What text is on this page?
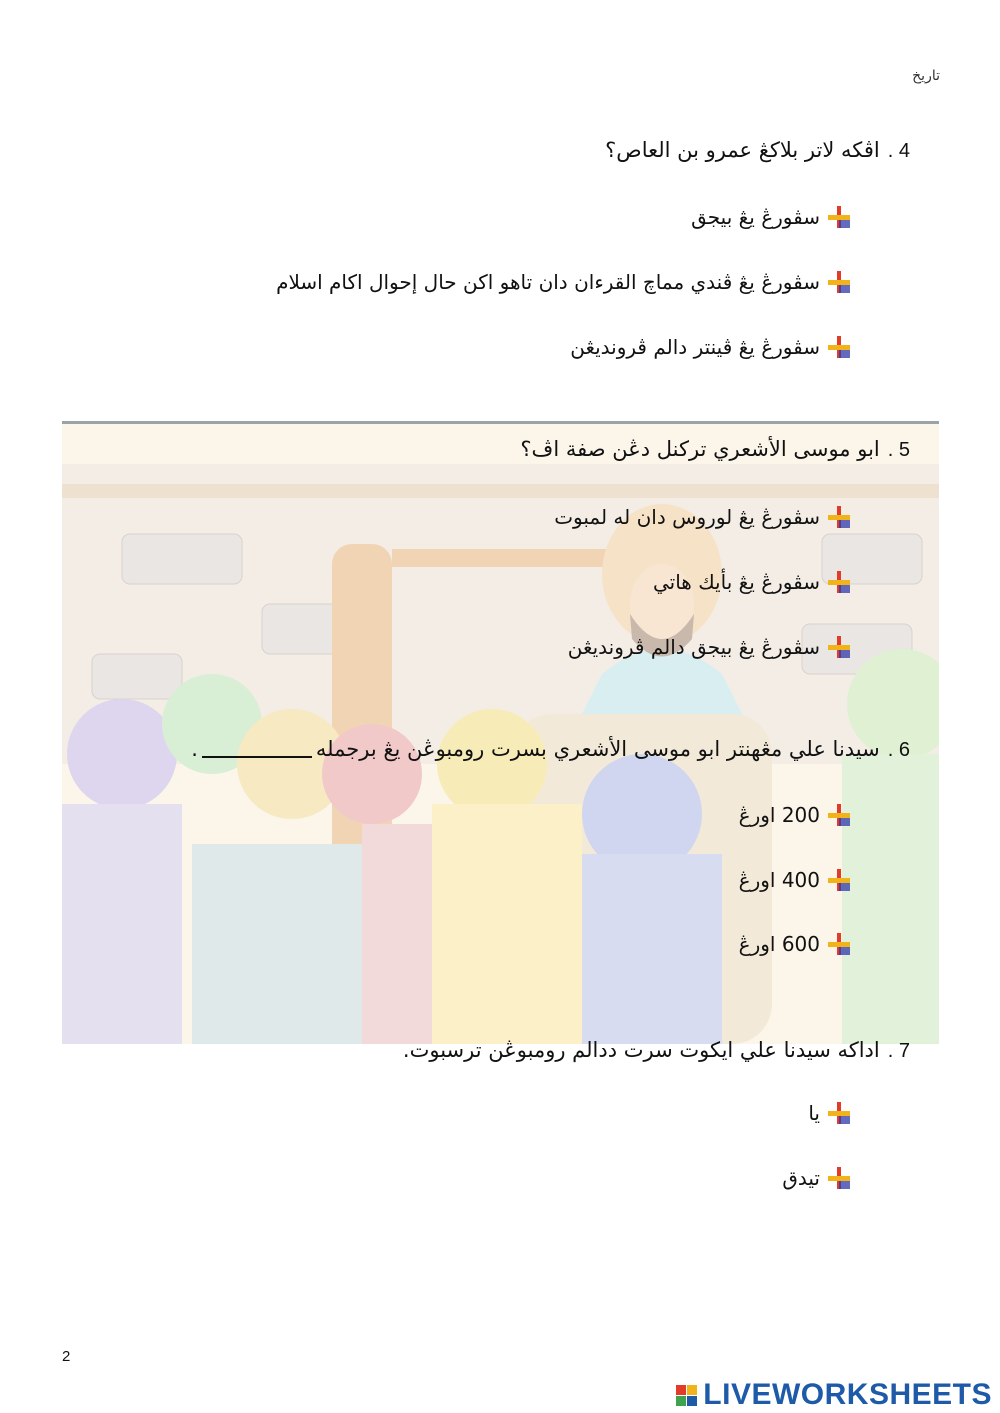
تاريخ
4 .اڤكه لاتر بلاكڠ عمرو بن العاص؟
سڤورڠ يڠ بيجق
سڤورڠ يڠ ڤندي مماچ القرءان دان تاهو اکن حال إحوال اکام اسلام
سڤورڠ يڠ ڤينتر دالم ڤرونديڠن
5 .ابو موسى الأشعري تركنل دڠن صفة اڤ؟
سڤورڠ يڠ لوروس دان له لمبوت
سڤورڠ يڠ بأيك هاتي
سڤورڠ يڠ بيجق دالم ڤرونديڠن
6 .سيدنا علي مڠهنتر ابو موسى الأشعري بسرت رومبوڠن يڠ برجمله.
200 اورڠ
400 اورڠ
600 اورڠ
7 .اداكه سيدنا علي ايکوت سرت ددالم رومبوڠن ترسبوت.
يا
تيدق
2
LIVEWORKSHEETS
